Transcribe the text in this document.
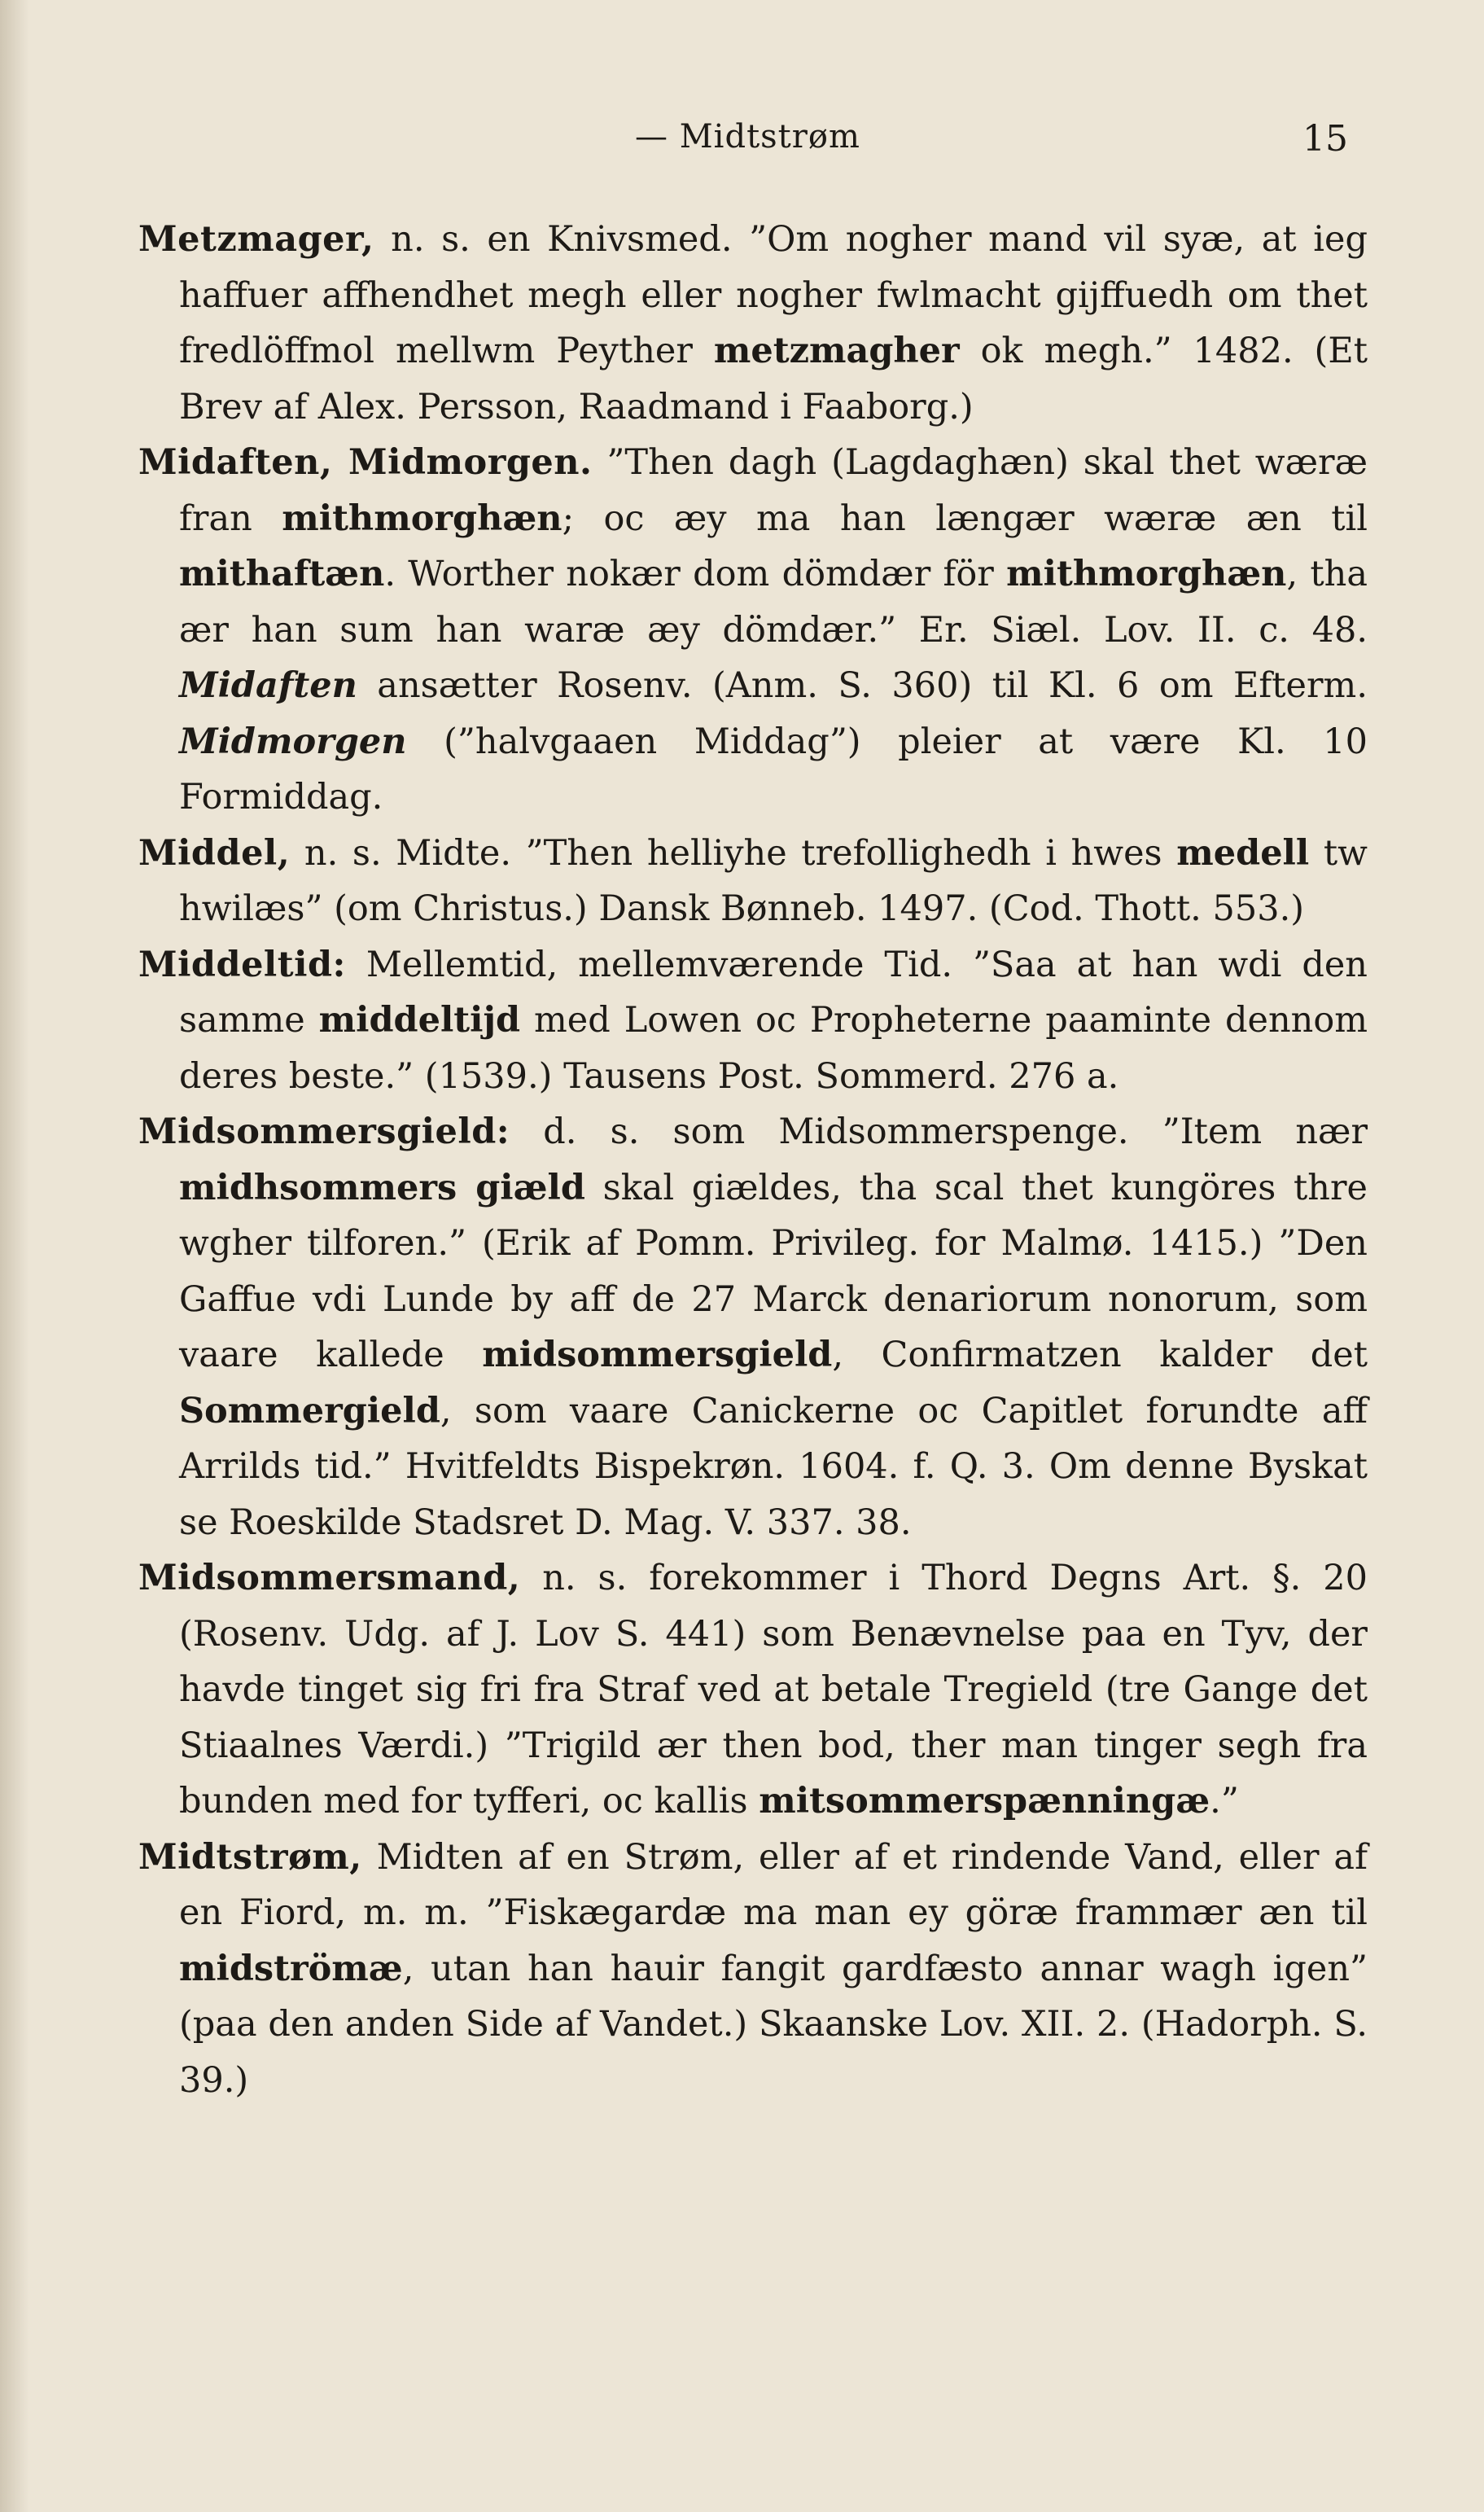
— Midtstrøm	15

Metzmager, n. s. en Knivsmed. ”Om nogher mand vil syæ, at ieg haffuer affhendhet megh eller nogher fwlmacht gijffuedh om thet fredlöffmol mellwm Peyther metzmagher ok megh.” 1482. (Et Brev af Alex. Persson, Raadmand i Faaborg.)

Midaften, Midmorgen. ”Then dagh (Lagdaghæn) skal thet wæræ fran mithmorghæn; oc æy ma han længær wæræ æn til mithaftæn. Worther nokær dom dömdær för mithmorghæn, tha ær han sum han waræ æy dömdær.” Er. Siæl. Lov. II. c. 48. Midaften ansætter Rosenv. (Anm. S. 360) til Kl. 6 om Efterm. Midmorgen (”halvgaaen Middag”) pleier at være Kl. 10 Formiddag.

Middel, n. s. Midte. ”Then helliyhe trefollighedh i hwes medell tw hwilæs” (om Christus.) Dansk Bønneb. 1497. (Cod. Thott. 553.)

Middeltid: Mellemtid, mellemværende Tid. ”Saa at han wdi den samme middeltijd med Lowen oc Propheterne paaminte dennom deres beste.” (1539.) Tausens Post. Sommerd. 276 a.

Midsommersgield: d. s. som Midsommerspenge. ”Item nær midhsommers giæld skal giældes, tha scal thet kungöres thre wgher tilforen.” (Erik af Pomm. Privileg. for Malmø. 1415.) ”Den Gaffue vdi Lunde by aff de 27 Marck denariorum nonorum, som vaare kallede midsommersgield, Confirmatzen kalder det Sommergield, som vaare Canickerne oc Capitlet forundte aff Arrilds tid.” Hvitfeldts Bispekrøn. 1604. f. Q. 3. Om denne Byskat se Roeskilde Stadsret D. Mag. V. 337. 38.

Midsommersmand, n. s. forekommer i Thord Degns Art. §. 20 (Rosenv. Udg. af J. Lov S. 441) som Benævnelse paa en Tyv, der havde tinget sig fri fra Straf ved at betale Tregield (tre Gange det Stiaalnes Værdi.) ”Trigild ær then bod, ther man tinger segh fra bunden med for tyfferi, oc kallis mitsommerspænningæ.”

Midtstrøm, Midten af en Strøm, eller af et rindende Vand, eller af en Fiord, m. m. ”Fiskægardæ ma man ey göræ frammær æn til midströmæ, utan han hauir fangit gardfæsto annar wagh igen” (paa den anden Side af Vandet.) Skaanske Lov. XII. 2. (Hadorph. S. 39.)
